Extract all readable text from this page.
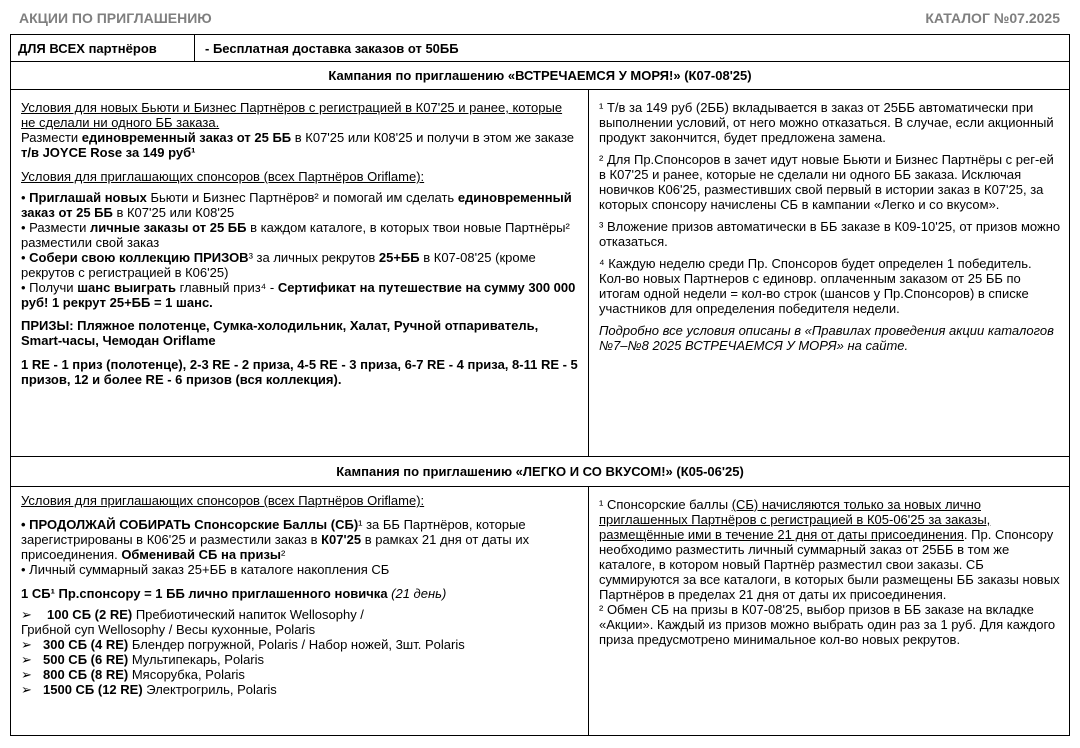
АКЦИИ ПО ПРИГЛАШЕНИЮ	КАТАЛОГ №07.2025
ДЛЯ ВСЕХ партнёров	- Бесплатная доставка заказов от 50ББ
Кампания по приглашению «ВСТРЕЧАЕМСЯ У МОРЯ!» (К07-08'25)

Условия для новых Бьюти и Бизнес Партнёров с регистрацией в К07'25 и ранее, которые не сделали ни одного ББ заказа.
Размести единовременный заказ от 25 ББ в К07'25 или К08'25 и получи в этом же заказе т/в JOYCE Rose за 149 руб¹

Условия для приглашающих спонсоров (всех Партнёров Oriflame):

• Приглашай новых Бьюти и Бизнес Партнёров² и помогай им сделать единовременный заказ от 25 ББ в К07'25 или К08'25

• Размести личные заказы от 25 ББ в каждом каталоге, в которых твои новые Партнёры² разместили свой заказ

• Собери свою коллекцию ПРИЗОВ³ за личных рекрутов 25+ББ в К07-08'25 (кроме рекрутов с регистрацией в К06'25)

• Получи шанс выиграть главный приз⁴ - Сертификат на путешествие на сумму 300 000 руб! 1 рекрут 25+ББ = 1 шанс.

ПРИЗЫ: Пляжное полотенце, Сумка-холодильник, Халат, Ручной отпариватель, Smart-часы, Чемодан Oriflame

1 RE - 1 приз (полотенце), 2-3 RE - 2 приза, 4-5 RE - 3 приза, 6-7 RE - 4 приза, 8-11 RE - 5 призов, 12 и более RE - 6 призов (вся коллекция).

¹ Т/в за 149 руб (2ББ) вкладывается в заказ от 25ББ автоматически при выполнении условий, от него можно отказаться. В случае, если акционный продукт закончится, будет предложена замена.

² Для Пр.Спонсоров в зачет идут новые Бьюти и Бизнес Партнёры с рег-ей в К07'25 и ранее, которые не сделали ни одного ББ заказа. Исключая новичков К06'25, разместивших свой первый в истории заказ в К07'25, за которых спонсору начислены СБ в кампании «Легко и со вкусом».

³ Вложение призов автоматически в ББ заказе в К09-10'25, от призов можно отказаться.

⁴ Каждую неделю среди Пр. Спонсоров будет определен 1 победитель. Кол-во новых Партнеров с единовр. оплаченным заказом от 25 ББ по итогам одной недели = кол-во строк (шансов у Пр.Спонсоров) в списке участников для определения победителя недели.

Подробно все условия описаны в «Правилах проведения акции каталогов №7–№8 2025 ВСТРЕЧАЕМСЯ У МОРЯ» на сайте.

Кампания по приглашению «ЛЕГКО И СО ВКУСОМ!» (К05-06'25)

Условия для приглашающих спонсоров (всех Партнёров Oriflame):

• ПРОДОЛЖАЙ СОБИРАТЬ Спонсорские Баллы (СБ)¹ за ББ Партнёров, которые зарегистрированы в К06'25 и разместили заказ в К07'25 в рамках 21 дня от даты их присоединения. Обменивай СБ на призы²

• Личный суммарный заказ 25+ББ в каталоге накопления СБ

1 СБ¹ Пр.спонсору = 1 ББ лично приглашенного новичка (21 день)

➢ 100 СБ (2 RE) Пребиотический напиток Wellosophy /
Грибной суп Wellosophy / Весы кухонные, Polaris

➢ 300 СБ (4 RE) Блендер погружной, Polaris / Набор ножей, 3шт. Polaris

➢ 500 СБ (6 RE) Мультипекарь, Polaris

➢ 800 СБ (8 RE) Мясорубка, Polaris

➢ 1500 СБ (12 RE) Электрогриль, Polaris

¹ Спонсорские баллы (СБ) начисляются только за новых лично приглашенных Партнёров с регистрацией в К05-06'25 за заказы, размещённые ими в течение 21 дня от даты присоединения. Пр. Спонсору необходимо разместить личный суммарный заказ от 25ББ в том же каталоге, в котором новый Партнёр разместил свои заказы. СБ суммируются за все каталоги, в которых были размещены ББ заказы новых Партнёров в пределах 21 дня от даты их присоединения.

² Обмен СБ на призы в К07-08'25, выбор призов в ББ заказе на вкладке «Акции». Каждый из призов можно выбрать один раз за 1 руб. Для каждого приза предусмотрено минимальное кол-во новых рекрутов.
